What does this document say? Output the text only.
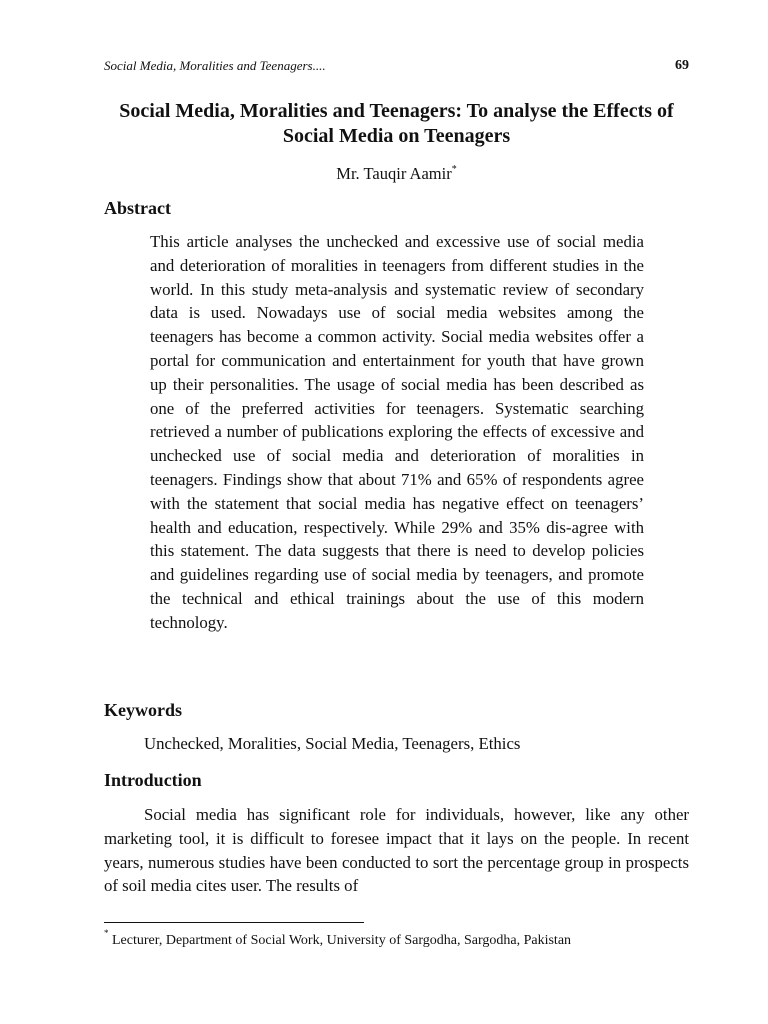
Social Media, Moralities and Teenagers....	69
Social Media, Moralities and Teenagers: To analyse the Effects of Social Media on Teenagers
Mr. Tauqir Aamir*
Abstract

This article analyses the unchecked and excessive use of social media and deterioration of moralities in teenagers from different studies in the world. In this study meta-analysis and systematic review of secondary data is used. Nowadays use of social media websites among the teenagers has become a common activity. Social media websites offer a portal for communication and entertainment for youth that have grown up their personalities. The usage of social media has been described as one of the preferred activities for teenagers. Systematic searching retrieved a number of publications exploring the effects of excessive and unchecked use of social media and deterioration of moralities in teenagers. Findings show that about 71% and 65% of respondents agree with the statement that social media has negative effect on teenagers’ health and education, respectively. While 29% and 35% dis-agree with this statement. The data suggests that there is need to develop policies and guidelines regarding use of social media by teenagers, and promote the technical and ethical trainings about the use of this modern technology.

Keywords
Unchecked, Moralities, Social Media, Teenagers, Ethics
Introduction

Social media has significant role for individuals, however, like any other marketing tool, it is difficult to foresee impact that it lays on the people. In recent years, numerous studies have been conducted to sort the percentage group in prospects of soil media cites user. The results of

* Lecturer, Department of Social Work, University of Sargodha, Sargodha, Pakistan
